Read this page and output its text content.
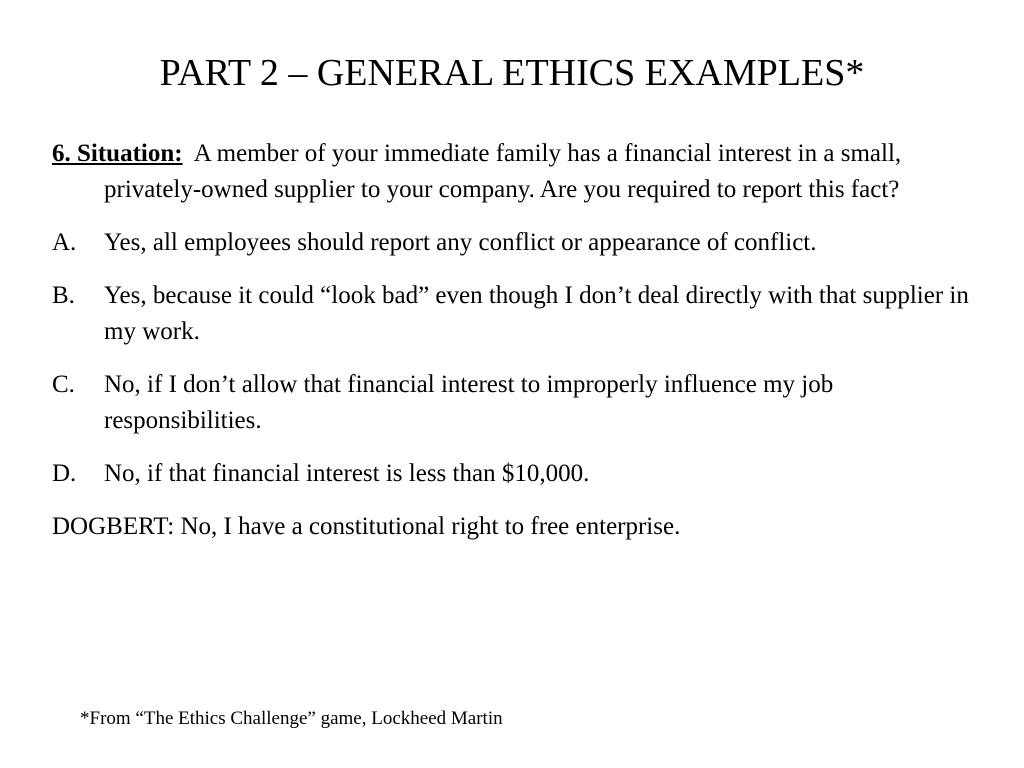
PART 2 – GENERAL ETHICS EXAMPLES*

6. Situation: A member of your immediate family has a financial interest in a small, privately-owned supplier to your company. Are you required to report this fact?

A. Yes, all employees should report any conflict or appearance of conflict.

B. Yes, because it could “look bad” even though I don’t deal directly with that supplier in my work.

C. No, if I don’t allow that financial interest to improperly influence my job responsibilities.

D. No, if that financial interest is less than $10,000.

DOGBERT: No, I have a constitutional right to free enterprise.

*From “The Ethics Challenge” game, Lockheed Martin
